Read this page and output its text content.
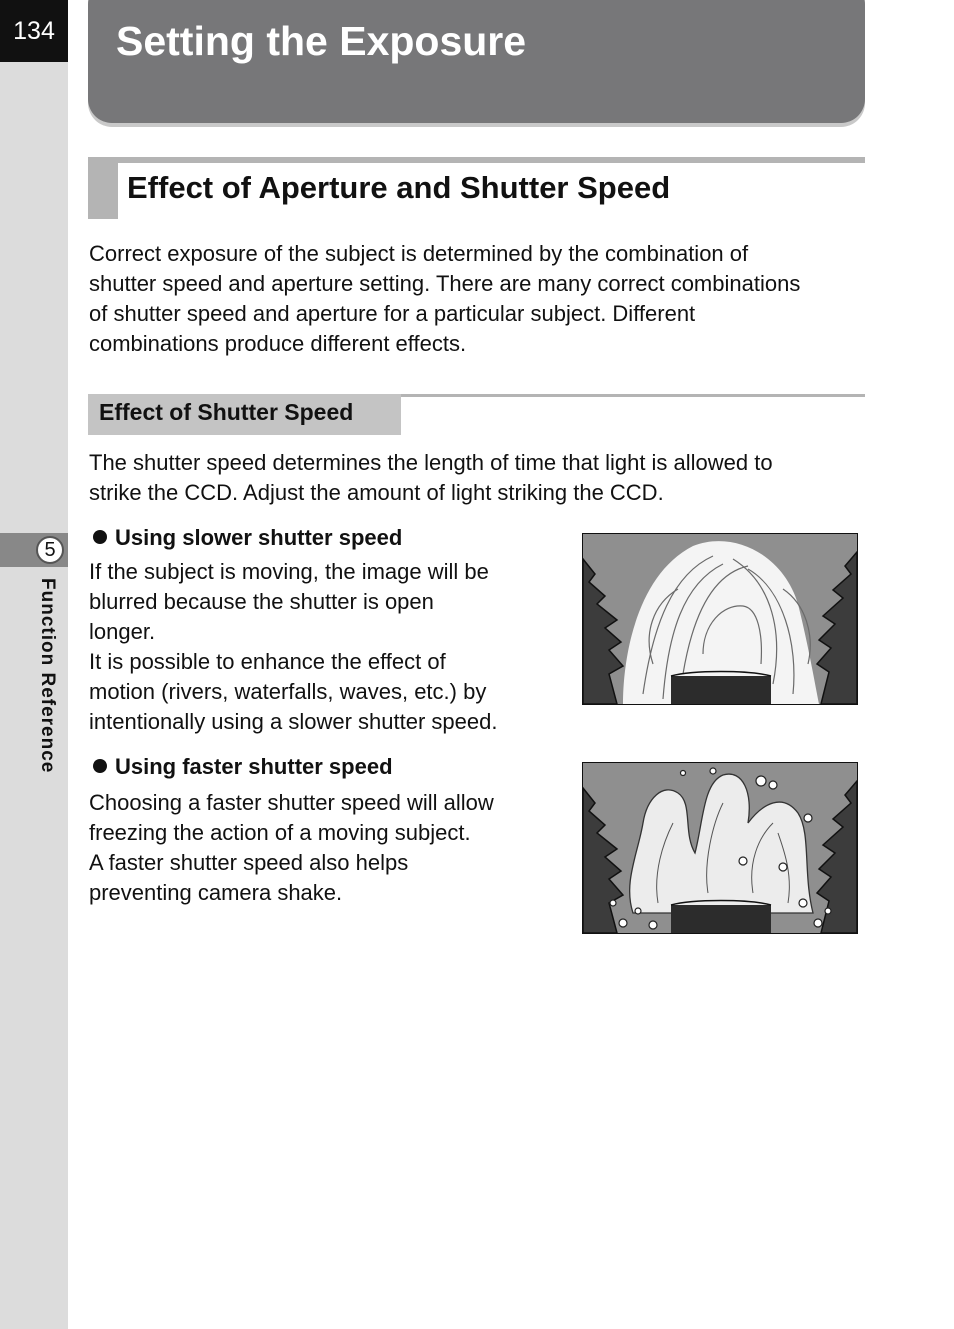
134
5
Function Reference
Setting the Exposure
Effect of Aperture and Shutter Speed
Correct exposure of the subject is determined by the combination of
shutter speed and aperture setting. There are many correct combinations
of shutter speed and aperture for a particular subject. Different
combinations produce different effects.
Effect of Shutter Speed
The shutter speed determines the length of time that light is allowed to
strike the CCD. Adjust the amount of light striking the CCD.
Using slower shutter speed
If the subject is moving, the image will be
blurred because the shutter is open
longer.
It is possible to enhance the effect of
motion (rivers, waterfalls, waves, etc.) by
intentionally using a slower shutter speed.
Using faster shutter speed
Choosing a faster shutter speed will allow
freezing the action of a moving subject.
A faster shutter speed also helps
preventing camera shake.
